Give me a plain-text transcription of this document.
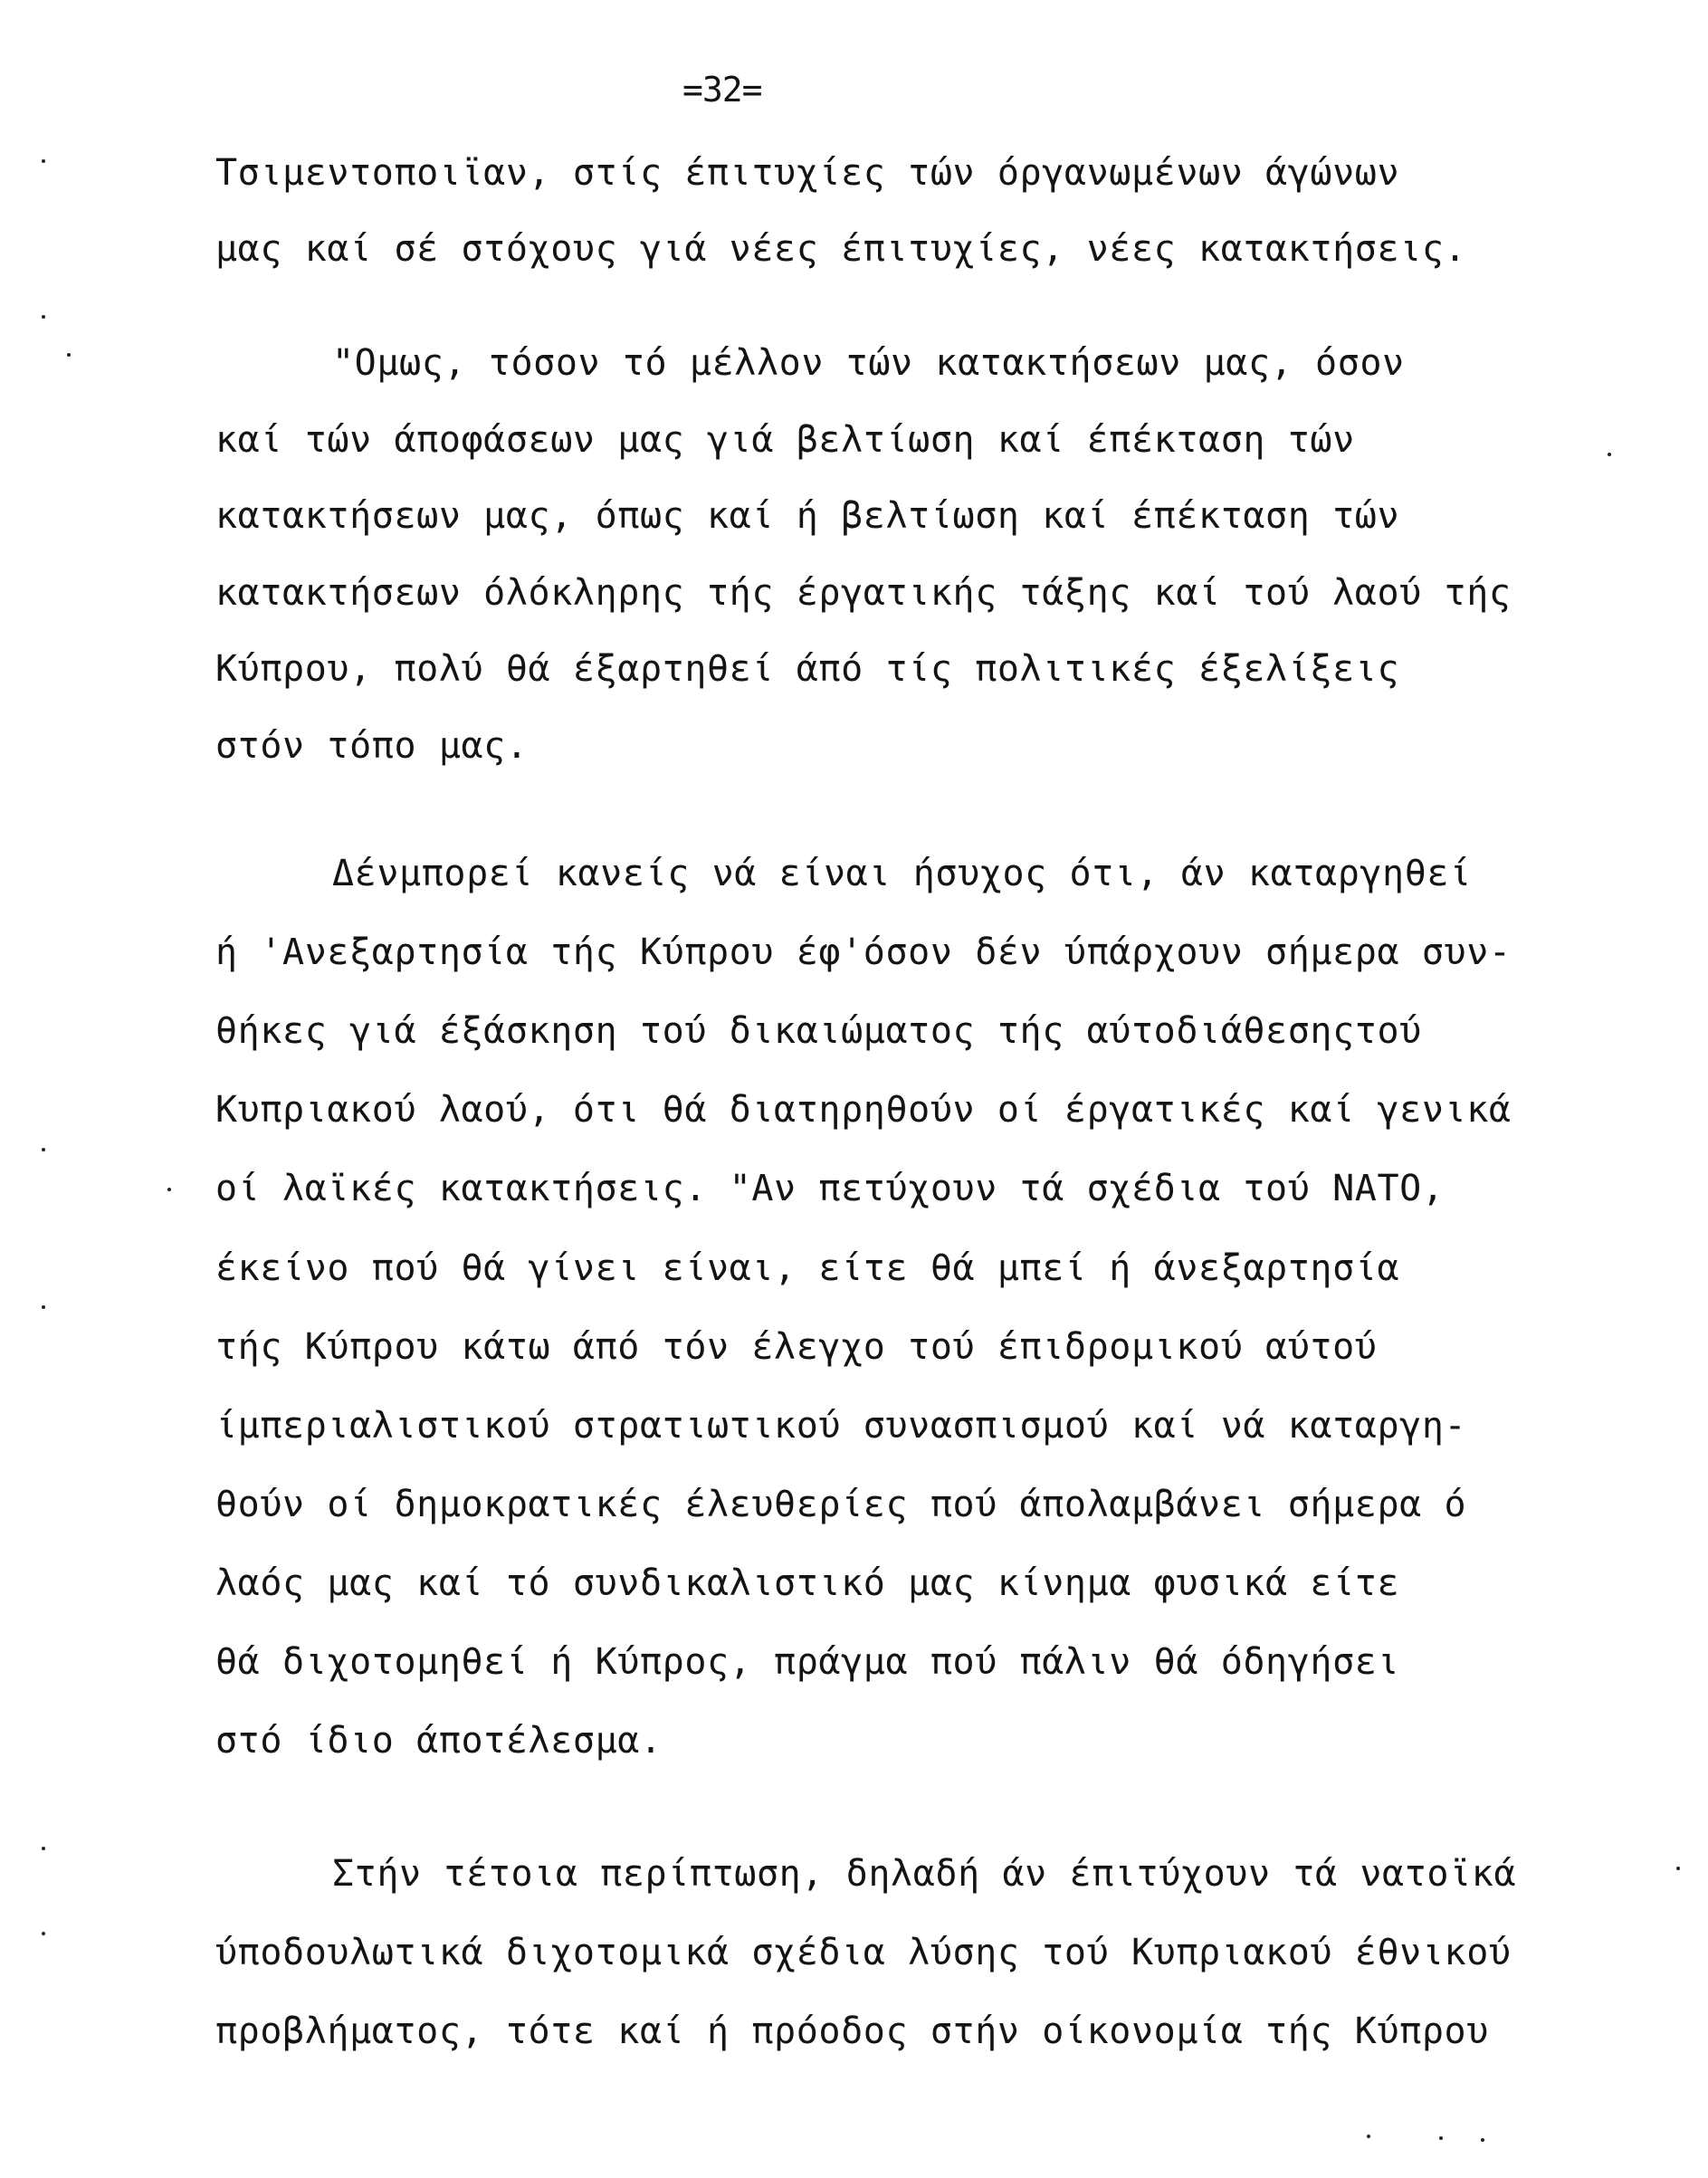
=32=
Τσιμεντοποιϊαν, στίς έπιτυχίες τών όργανωμένων άγώνων
μας καί σέ στόχους γιά νέες έπιτυχίες, νέες κατακτήσεις.
"Ομως, τόσον τό μέλλον τών κατακτήσεων μας, όσον
καί τών άποφάσεων μας γιά βελτίωση καί έπέκταση τών
κατακτήσεων μας, όπως καί ή βελτίωση καί έπέκταση τών
κατακτήσεων όλόκληρης τής έργατικής τάξης καί τού λαού τής
Κύπρου, πολύ θά έξαρτηθεί άπό τίς πολιτικές έξελίξεις
στόν τόπο μας.
Δένμπορεί κανείς νά είναι ήσυχος ότι, άν καταργηθεί
ή 'Ανεξαρτησία τής Κύπρου έφ'όσον δέν ύπάρχουν σήμερα συν-
θήκες γιά έξάσκηση τού δικαιώματος τής αύτοδιάθεσηςτού
Κυπριακού λαού, ότι θά διατηρηθούν οί έργατικές καί γενικά
οί λαϊκές κατακτήσεις. "Αν πετύχουν τά σχέδια τού ΝΑΤΟ,
έκείνο πού θά γίνει είναι, είτε θά μπεί ή άνεξαρτησία
τής Κύπρου κάτω άπό τόν έλεγχο τού έπιδρομικού αύτού
ίμπεριαλιστικού στρατιωτικού συνασπισμού καί νά καταργη-
θούν οί δημοκρατικές έλευθερίες πού άπολαμβάνει σήμερα ό
λαός μας καί τό συνδικαλιστικό μας κίνημα φυσικά είτε
θά διχοτομηθεί ή Κύπρος, πράγμα πού πάλιν θά όδηγήσει
στό ίδιο άποτέλεσμα.
Στήν τέτοια περίπτωση, δηλαδή άν έπιτύχουν τά νατοϊκά
ύποδουλωτικά διχοτομικά σχέδια λύσης τού Κυπριακού έθνικού
προβλήματος, τότε καί ή πρόοδος στήν οίκονομία τής Κύπρου
